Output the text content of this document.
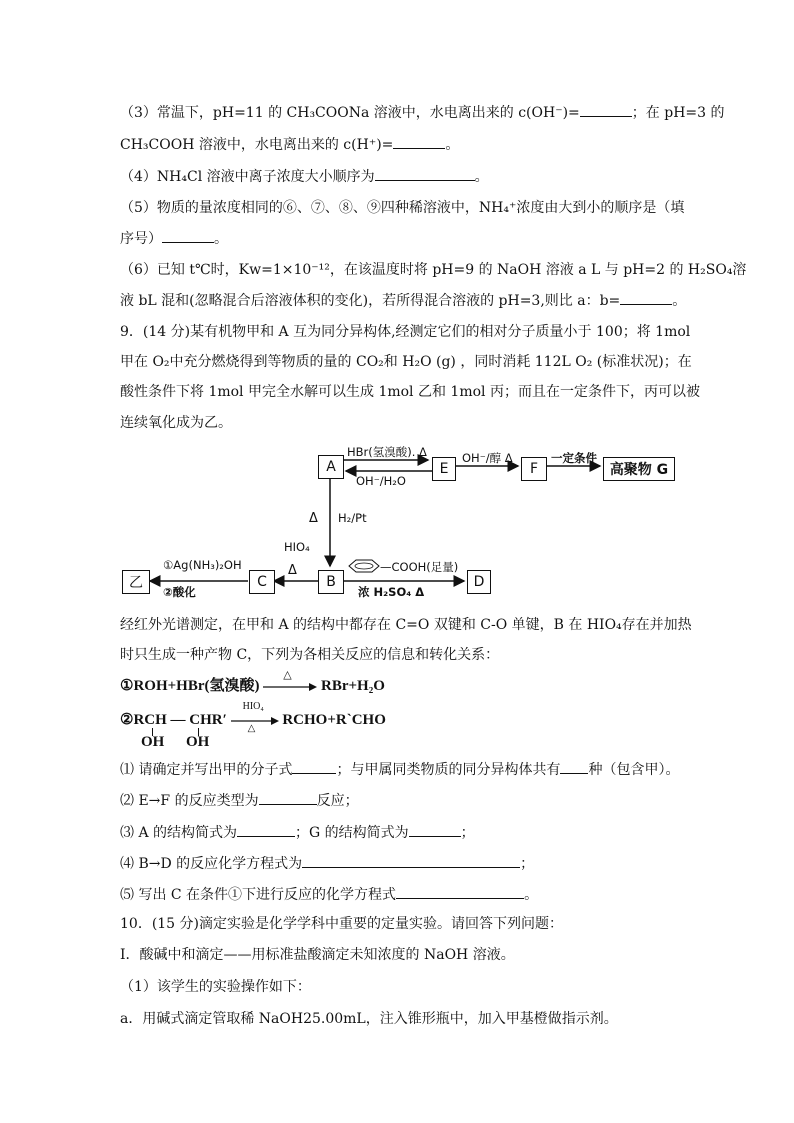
（3）常温下，pH=11 的 CH₃COONa 溶液中，水电离出来的 c(OH⁻)=	；在 pH=3 的
CH₃COOH 溶液中，水电离出来的 c(H⁺)=	。
（4）NH₄Cl 溶液中离子浓度大小顺序为	。
（5）物质的量浓度相同的⑥、⑦、⑧、⑨四种稀溶液中，NH₄⁺浓度由大到小的顺序是（填
序号）	。
（6）已知 t℃时，Kw=1×10⁻¹²，在该温度时将 pH=9 的 NaOH 溶液 a L 与 pH=2 的 H₂SO₄溶
液 bL 混和(忽略混合后溶液体积的变化)，若所得混合溶液的 pH=3,则比 a：b=	。
9．(14 分)某有机物甲和 A 互为同分异构体,经测定它们的相对分子质量小于 100；将 1mol
甲在 O₂中充分燃烧得到等物质的量的 CO₂和 H₂O (g) ，同时消耗 112L O₂ (标准状况)；在
酸性条件下将 1mol 甲完全水解可以生成 1mol 乙和 1mol 丙；而且在一定条件下，丙可以被
连续氧化成为乙。
A	E	F	高聚物 G
B
C	D
乙
HBr(氢溴酸). Δ
OH⁻/H₂O
OH⁻/醇 Δ	一定条件
Δ H₂/Pt
HIO₄
Δ
①Ag(NH₃)₂OH
②酸化
—COOH(足量)
浓 H₂SO₄ Δ
经红外光谱测定，在甲和 A 的结构中都存在 C=O 双键和 C-O 单键，B 在 HIO₄存在并加热
时只生成一种产物 C，下列为各相关反应的信息和转化关系：
①ROH+HBr(氢溴酸)
△
RBr+H₂O
②RCH — CHR′
HIO₄
△
RCHO+R`CHO
OH OH
⑴ 请确定并写出甲的分子式	；与甲属同类物质的同分异构体共有 种（包含甲）。
⑵ E→F 的反应类型为	反应；
⑶ A 的结构简式为	；G 的结构简式为	；
⑷ B→D 的反应化学方程式为	；
⑸ 写出 C 在条件①下进行反应的化学方程式	。
10．(15 分)滴定实验是化学学科中重要的定量实验。请回答下列问题：
I．酸碱中和滴定——用标准盐酸滴定未知浓度的 NaOH 溶液。
（1）该学生的实验操作如下：
a．用碱式滴定管取稀 NaOH25.00mL，注入锥形瓶中，加入甲基橙做指示剂。
